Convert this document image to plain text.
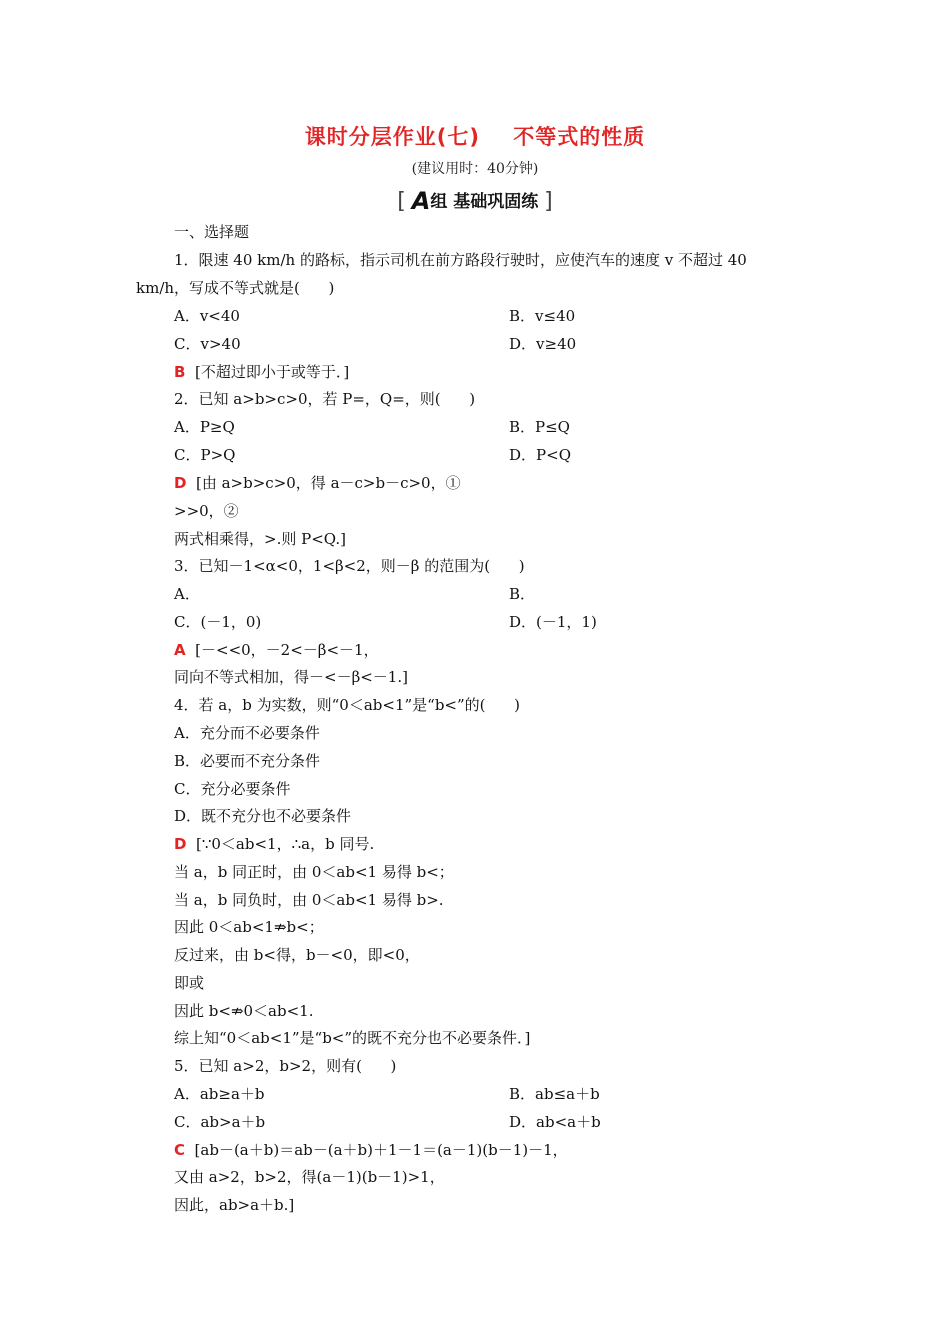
课时分层作业(七)    不等式的性质
(建议用时：40分钟)
[ A组 基础巩固练 ]
一、选择题
1．限速 40 km/h 的路标，指示司机在前方路段行驶时，应使汽车的速度 v 不超过 40
km/h，写成不等式就是(      )
A．v<40	B．v≤40
C．v>40	D．v≥40
B  [不超过即小于或等于．]
2．已知 a>b>c>0，若 P=，Q=，则(      )
A．P≥Q	B．P≤Q
C．P>Q	D．P<Q
D  [由 a>b>c>0，得 a－c>b－c>0，①
>>0，②
两式相乘得，>.则 P<Q.]
3．已知－1<α<0，1<β<2，则－β 的范围为(      )
A．	B．
C．(－1，0)	D．(－1，1)
A  [－<<0，－2<－β<－1，
同向不等式相加，得－<－β<－1.]
4．若 a，b 为实数，则“0＜ab<1”是“b<”的(      )
A．充分而不必要条件
B．必要而不充分条件
C．充分必要条件
D．既不充分也不必要条件
D  [∵0＜ab<1，∴a，b 同号.
当 a，b 同正时，由 0＜ab<1 易得 b<；
当 a，b 同负时，由 0＜ab<1 易得 b>.
因此 0＜ab<1⇏b<；
反过来，由 b<得，b－<0，即<0，
即或
因此 b<⇏0＜ab<1.
综上知“0＜ab<1”是“b<”的既不充分也不必要条件．]
5．已知 a>2，b>2，则有(      )
A．ab≥a＋b	B．ab≤a＋b
C．ab>a＋b	D．ab<a＋b
C  [ab－(a＋b)＝ab－(a＋b)＋1－1＝(a－1)(b－1)－1，
又由 a>2，b>2，得(a－1)(b－1)>1，
因此，ab>a＋b.]
